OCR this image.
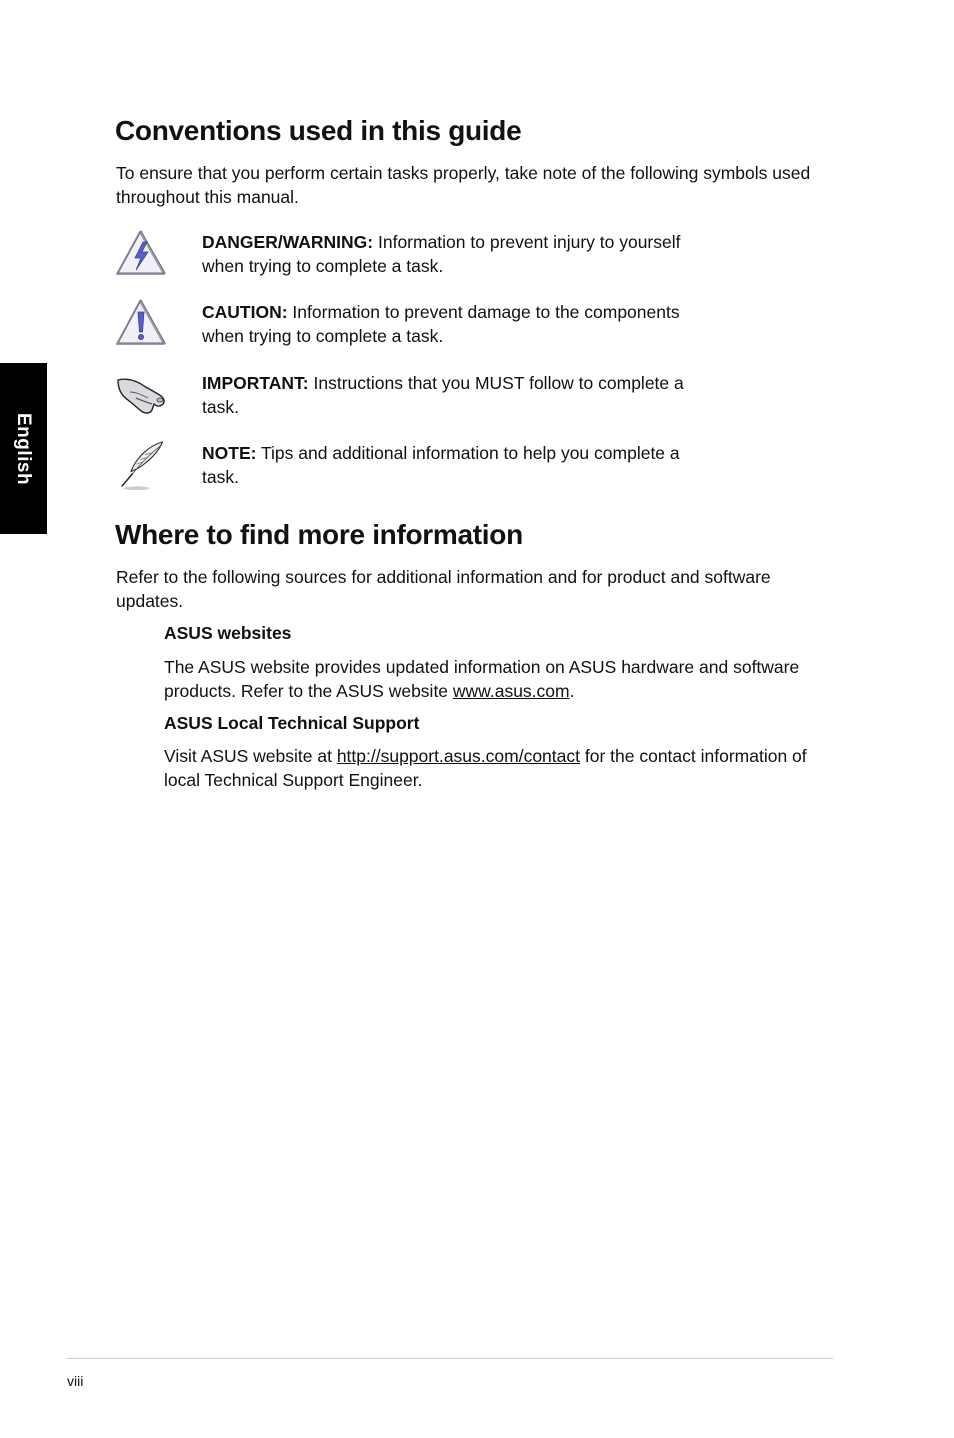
English
Conventions used in this guide

To ensure that you perform certain tasks properly, take note of the following symbols used throughout this manual.

DANGER/WARNING: Information to prevent injury to yourself when trying to complete a task.
CAUTION: Information to prevent damage to the components when trying to complete a task.
IMPORTANT: Instructions that you MUST follow to complete a task.
NOTE: Tips and additional information to help you complete a task.
Where to find more information

Refer to the following sources for additional information and for product and software updates.

ASUS websites
The ASUS website provides updated information on ASUS hardware and software products. Refer to the ASUS website www.asus.com.
ASUS Local Technical Support
Visit ASUS website at http://support.asus.com/contact for the contact information of local Technical Support Engineer.
viii
